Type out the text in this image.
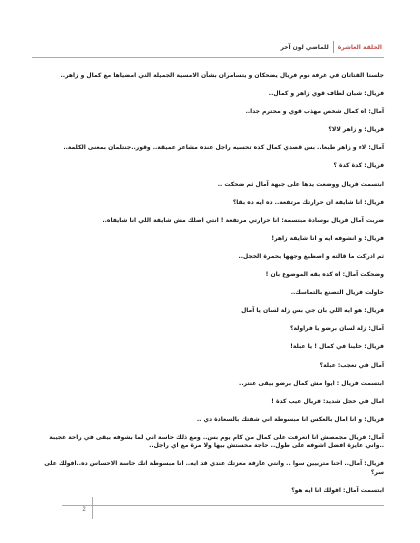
الحلقة العاشرة
للماضي لون آخر

جلستا الفتاتان في غرفة نوم فريال يضحكان و يتسامران بشأن الامسية الجميلة التي امضياها مع كمال و زاهر..

فريال: شبان لطاف قوي زاهر و كمال..

آمال: اه كمال شخص مهذب قوي و محترم جدا..

فريال: و زاهر لالا؟

آمال: لاء و زاهر طبعا.. بس قصدي كمال كده تحسيه راجل عنده مشاعر عميقة.. وقور..جنتلمان بمعنى الكلمة..

فريال: كدة كدة ؟

ابتسمت فريال ووضعت يدها على جبهة آمال ثم ضحكت ..

فريال: انا شايفة ان حرارتك مرتفعة.. ده ايه ده بقا؟

ضربت آمال فريال بوسادة مبتسمة: انا حرارتي مرتفعة ! انتي اصلك مش شايفة اللي انا شايفاه..

فريال: و انشوفه ايه و انا شايفة زاهر!

ثم ادركت ما قالته و اصطبغ وجهها بحمرة الخجل..

وضحكت آمال: اه كده بقه الموضوع بان !

حاولت فريال التصنع بالتماسك..

فريال: هو ايه اللي بان جي بس زلة لسان يا آمال

آمال: زلة لسان برضو يا فراولة؟

فريال: خلينا في كمال ! يا عبلة!

آمال في تعجب: عبلة؟

ابتسمت فريال : ايوا مش كمال برضو بيقى عنتر..

امال في خجل شديد: فريال عيب كدة !

فريال: و انا امال بالعكس انا مبسوطة اني شفتك بالسعادة دي ..

آمال: فريال مجمصش انا اتعرفت على كمال من كام يوم بس.. ومع ذلك حاسة اني لما بشوفه بيقى في راحة عجيبة ..واني عايزة افضل اشوفه على طول.. حاجة محستش بيها ولا مرة مع اي راجل..

فريال: آمال.. احنا متربيين سوا .. وانتي عارفة معزتك عندي قد ايه.. انا مبسوطة انك حاسة الاحساس ده..افولك على سر؟

ابتسمت آمال: افولك انا ايه هو؟

2
